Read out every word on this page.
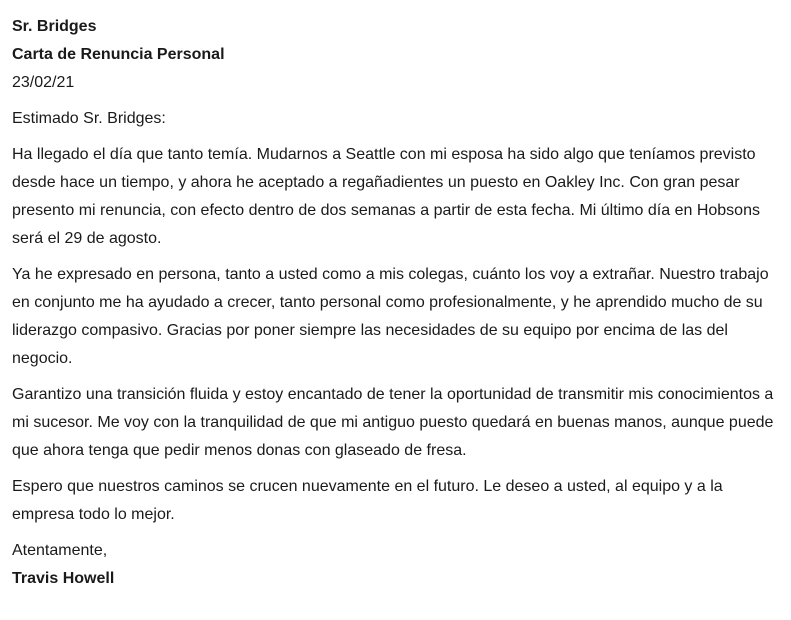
Sr. Bridges

Carta de Renuncia Personal

23/02/21

Estimado Sr. Bridges:

Ha llegado el día que tanto temía. Mudarnos a Seattle con mi esposa ha sido algo que teníamos previsto desde hace un tiempo, y ahora he aceptado a regañadientes un puesto en Oakley Inc. Con gran pesar presento mi renuncia, con efecto dentro de dos semanas a partir de esta fecha. Mi último día en Hobsons será el 29 de agosto.

Ya he expresado en persona, tanto a usted como a mis colegas, cuánto los voy a extrañar. Nuestro trabajo en conjunto me ha ayudado a crecer, tanto personal como profesionalmente, y he aprendido mucho de su liderazgo compasivo. Gracias por poner siempre las necesidades de su equipo por encima de las del negocio.

Garantizo una transición fluida y estoy encantado de tener la oportunidad de transmitir mis conocimientos a mi sucesor. Me voy con la tranquilidad de que mi antiguo puesto quedará en buenas manos, aunque puede que ahora tenga que pedir menos donas con glaseado de fresa.

Espero que nuestros caminos se crucen nuevamente en el futuro. Le deseo a usted, al equipo y a la empresa todo lo mejor.

Atentamente,

Travis Howell
